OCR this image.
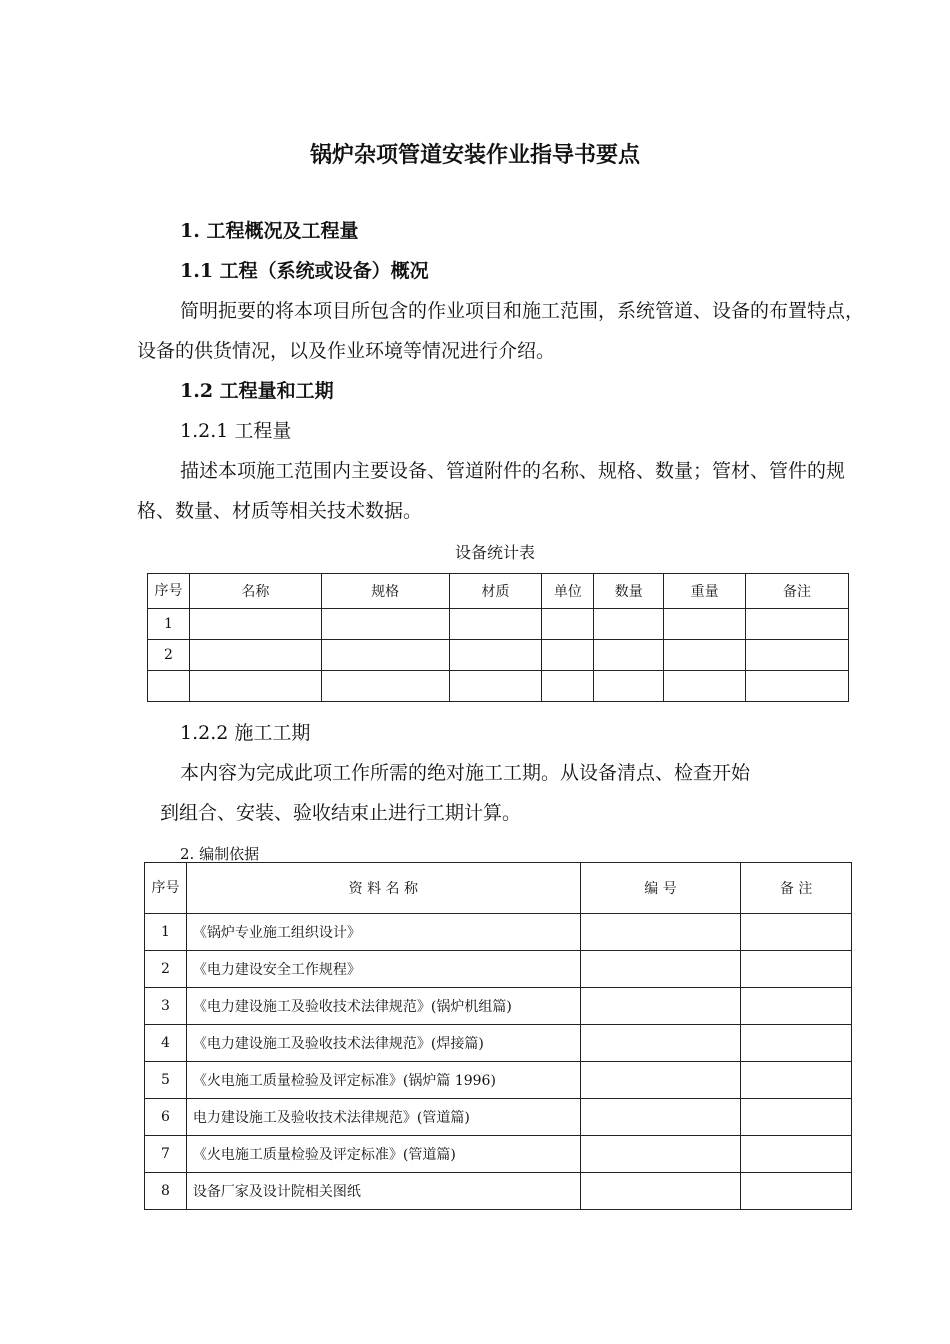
锅炉杂项管道安装作业指导书要点
1. 工程概况及工程量
1.1 工程（系统或设备）概况
简明扼要的将本项目所包含的作业项目和施工范围，系统管道、设备的布置特点，设备的供货情况，以及作业环境等情况进行介绍。
1.2 工程量和工期
1.2.1 工程量
描述本项施工范围内主要设备、管道附件的名称、规格、数量；管材、管件的规格、数量、材质等相关技术数据。
设备统计表
序号	名称	规格	材质	单位	数量	重量	备注
1							
2							

1.2.2 施工工期
本内容为完成此项工作所需的绝对施工工期。从设备清点、检查开始
到组合、安装、验收结束止进行工期计算。
2. 编制依据
序号	资 料 名 称	编 号	备 注
1	《锅炉专业施工组织设计》		
2	《电力建设安全工作规程》		
3	《电力建设施工及验收技术法律规范》(锅炉机组篇)		
4	《电力建设施工及验收技术法律规范》(焊接篇)		
5	《火电施工质量检验及评定标准》(锅炉篇 1996)		
6	电力建设施工及验收技术法律规范》(管道篇)		
7	《火电施工质量检验及评定标准》(管道篇)		
8	设备厂家及设计院相关图纸		
